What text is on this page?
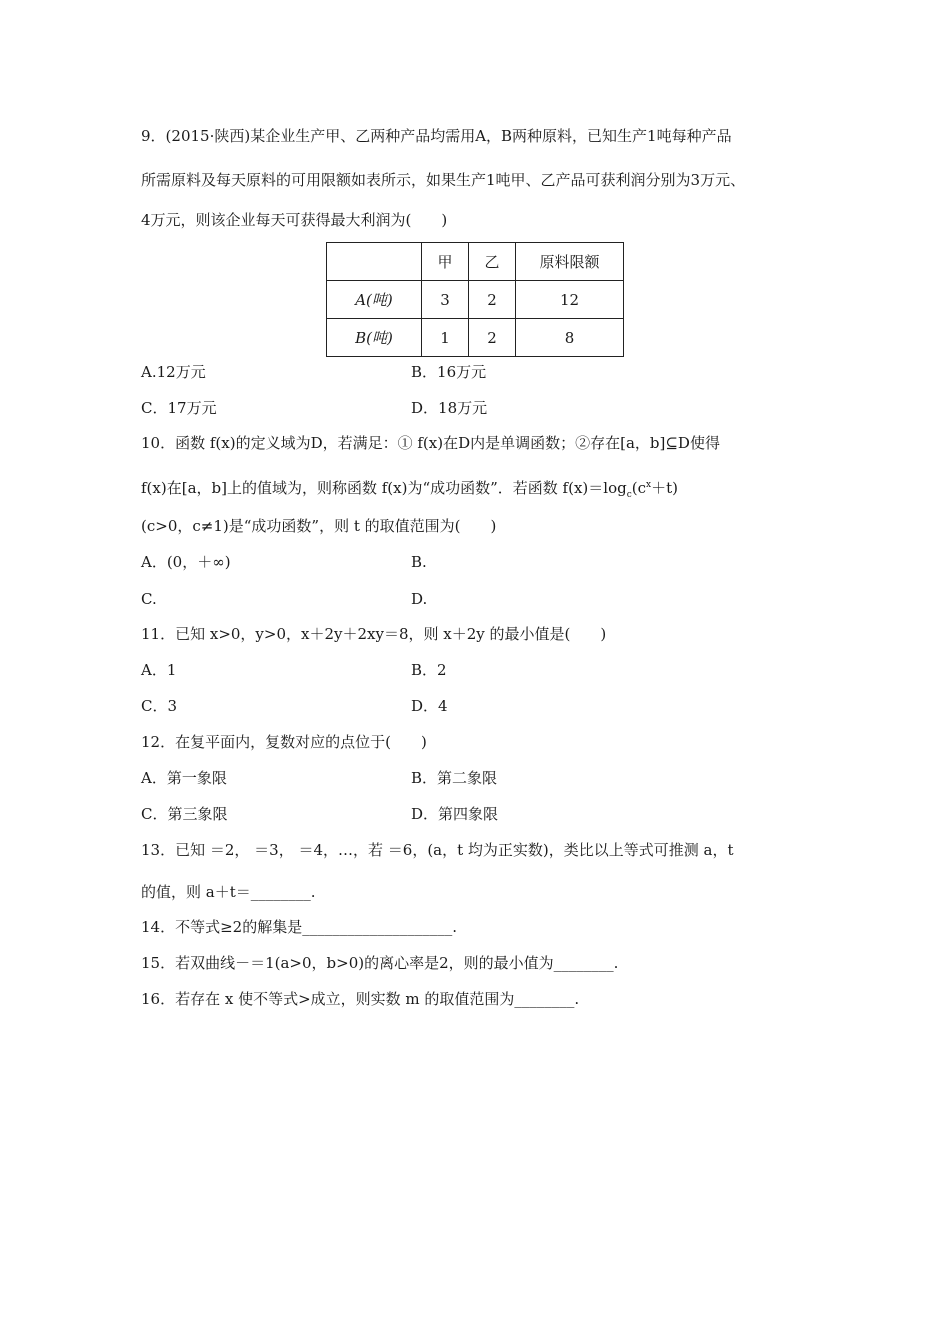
9．(2015·陕西)某企业生产甲、乙两种产品均需用A，B两种原料，已知生产1吨每种产品
所需原料及每天原料的可用限额如表所示，如果生产1吨甲、乙产品可获利润分别为3万元、
4万元，则该企业每天可获得最大利润为(　　)
	甲	乙	原料限额
A(吨)	3	2	12
B(吨)	1	2	8
A.12万元	B．16万元
C．17万元	D．18万元
10．函数 f(x)的定义域为D，若满足：① f(x)在D内是单调函数；②存在[a，b]⊆D使得
f(x)在[a，b]上的值域为，则称函数 f(x)为“成功函数”．若函数 $f(x)=\log_c(c^x+t)$
(c>0，c≠1)是“成功函数”，则 t 的取值范围为(　　)
A．(0，＋∞)	B.
C.	D.
11．已知 x>0，y>0，x＋2y＋2xy＝8，则 x＋2y 的最小值是(　　)
A．1	B．2
C．3	D．4
12．在复平面内，复数对应的点位于(　　)
A．第一象限	B．第二象限
C．第三象限	D．第四象限
13．已知 ＝2， ＝3， ＝4，…，若 ＝6，(a，t 均为正实数)，类比以上等式可推测 a，t
的值，则 a＋t＝________.
14．不等式≥2的解集是____________________.
15．若双曲线－＝1(a>0，b>0)的离心率是2，则的最小值为________.
16．若存在 x 使不等式>成立，则实数 m 的取值范围为________.
